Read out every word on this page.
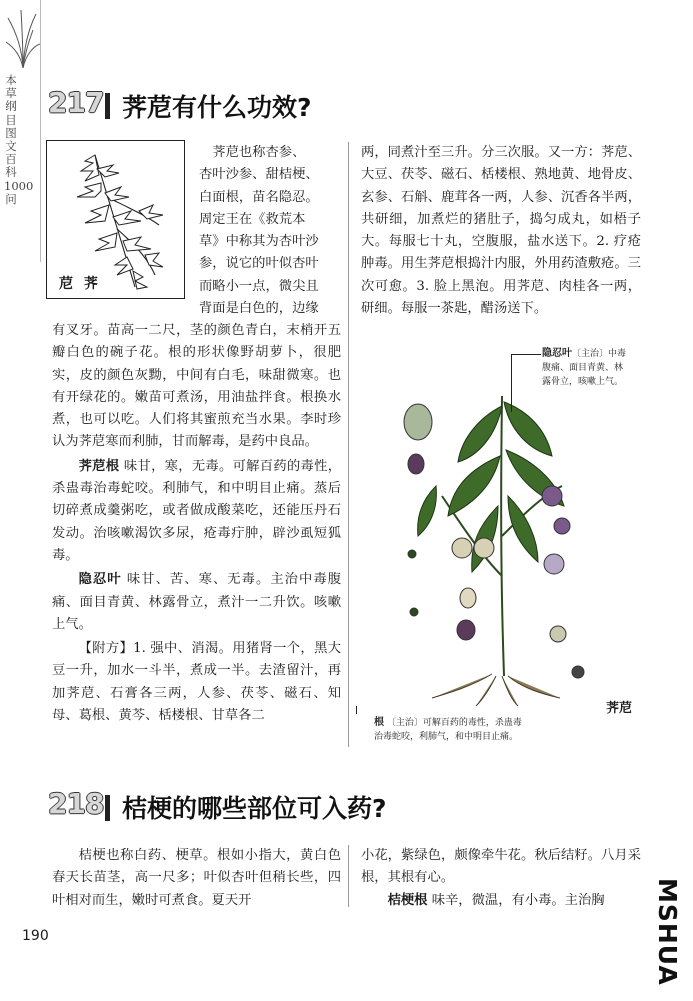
本草纲目图文百科1000问
217 荠苨有什么功效?
苨 荠

荠苨也称杏参、

杏叶沙参、甜桔梗、

白面根，苗名隐忍。

周定王在《救荒本

草》中称其为杏叶沙

参，说它的叶似杏叶

而略小一点，微尖且

背面是白色的，边缘

有叉牙。苗高一二尺，茎的颜色青白，末梢开五瓣白色的碗子花。根的形状像野胡萝卜，很肥实，皮的颜色灰黝，中间有白毛，味甜微寒。也有开绿花的。嫩苗可煮汤，用油盐拌食。根换水煮，也可以吃。人们将其蜜煎充当水果。李时珍认为荠苨寒而利肺，甘而解毒，是药中良品。

荠苨根 味甘，寒，无毒。可解百药的毒性，杀蛊毒治毒蛇咬。利肺气，和中明目止痛。蒸后切碎煮成羹粥吃，或者做成酸菜吃，还能压丹石发动。治咳嗽渴饮多尿，疮毒疔肿，辟沙虱短狐毒。

隐忍叶 味甘、苦、寒、无毒。主治中毒腹痛、面目青黄、林露骨立，煮汁一二升饮。咳嗽上气。

【附方】1. 强中、消渴。用猪肾一个，黑大豆一升，加水一斗半，煮成一半。去渣留汁，再加荠苨、石膏各三两，人参、茯苓、磁石、知母、葛根、黄芩、栝楼根、甘草各二

两，同煮汁至三升。分三次服。又一方：荠苨、大豆、茯苓、磁石、栝楼根、熟地黄、地骨皮、玄参、石斛、鹿茸各一两，人参、沉香各半两，共研细，加煮烂的猪肚子，捣匀成丸，如梧子大。每服七十丸，空腹服，盐水送下。2. 疗疮肿毒。用生荠苨根捣汁内服，外用药渣敷疮。三次可愈。3. 脸上黑泡。用荠苨、肉桂各一两，研细。每服一茶匙，醋汤送下。

隐忍叶〔主治〕中毒
腹痛、面目青黄、林
露骨立，咳嗽上气。
荠苨
根 〔主治〕可解百药的毒性，杀蛊毒
治毒蛇咬，利肺气，和中明目止痛。
218 桔梗的哪些部位可入药?

桔梗也称白药、梗草。根如小指大，黄白色春天长苗茎，高一尺多；叶似杏叶但稍长些，四叶相对而生，嫩时可煮食。夏天开

小花，紫绿色，颇像牵牛花。秋后结籽。八月采根，其根有心。

桔梗根 味辛，微温，有小毒。主治胸

190	MSHUA
